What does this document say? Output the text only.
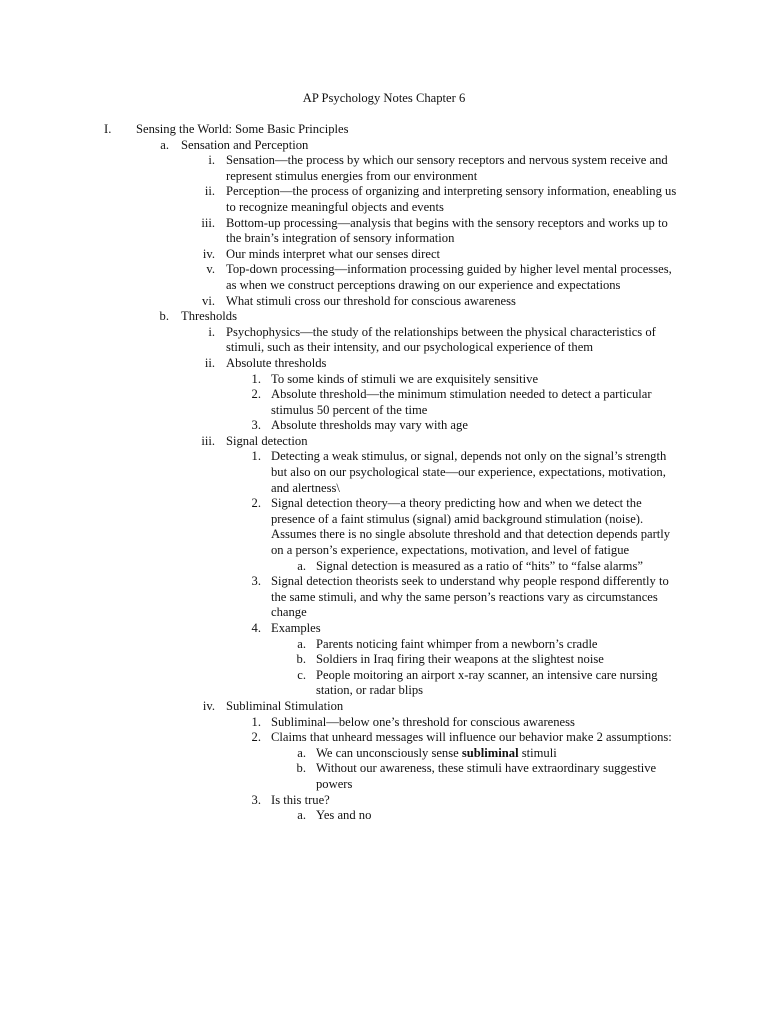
AP Psychology Notes Chapter 6
I.	Sensing the World: Some Basic Principles
a. Sensation and Perception
i. Sensation—the process by which our sensory receptors and nervous system receive and represent stimulus energies from our environment
ii. Perception—the process of organizing and interpreting sensory information, eneabling us to recognize meaningful objects and events
iii. Bottom-up processing—analysis that begins with the sensory receptors and works up to the brain’s integration of sensory information
iv. Our minds interpret what our senses direct
v. Top-down processing—information processing guided by higher level mental processes, as when we construct perceptions drawing on our experience and expectations
vi. What stimuli cross our threshold for conscious awareness
b. Thresholds
i. Psychophysics—the study of the relationships between the physical characteristics of stimuli, such as their intensity, and our psychological experience of them
ii. Absolute thresholds
1. To some kinds of stimuli we are exquisitely sensitive
2. Absolute threshold—the minimum stimulation needed to detect a particular stimulus 50 percent of the time
3. Absolute thresholds may vary with age
iii. Signal detection
1. Detecting a weak stimulus, or signal, depends not only on the signal’s strength but also on our psychological state—our experience, expectations, motivation, and alertness\
2. Signal detection theory—a theory predicting how and when we detect the presence of a faint stimulus (signal) amid background stimulation (noise). Assumes there is no single absolute threshold and that detection depends partly on a person’s experience, expectations, motivation, and level of fatigue
a. Signal detection is measured as a ratio of “hits” to “false alarms”
3. Signal detection theorists seek to understand why people respond differently to the same stimuli, and why the same person’s reactions vary as circumstances change
4. Examples
a. Parents noticing faint whimper from a newborn’s cradle
b. Soldiers in Iraq firing their weapons at the slightest noise
c. People moitoring an airport x-ray scanner, an intensive care nursing station, or radar blips
iv. Subliminal Stimulation
1. Subliminal—below one’s threshold for conscious awareness
2. Claims that unheard messages will influence our behavior make 2 assumptions:
a. We can unconsciously sense subliminal stimuli
b. Without our awareness, these stimuli have extraordinary suggestive powers
3. Is this true?
a. Yes and no
